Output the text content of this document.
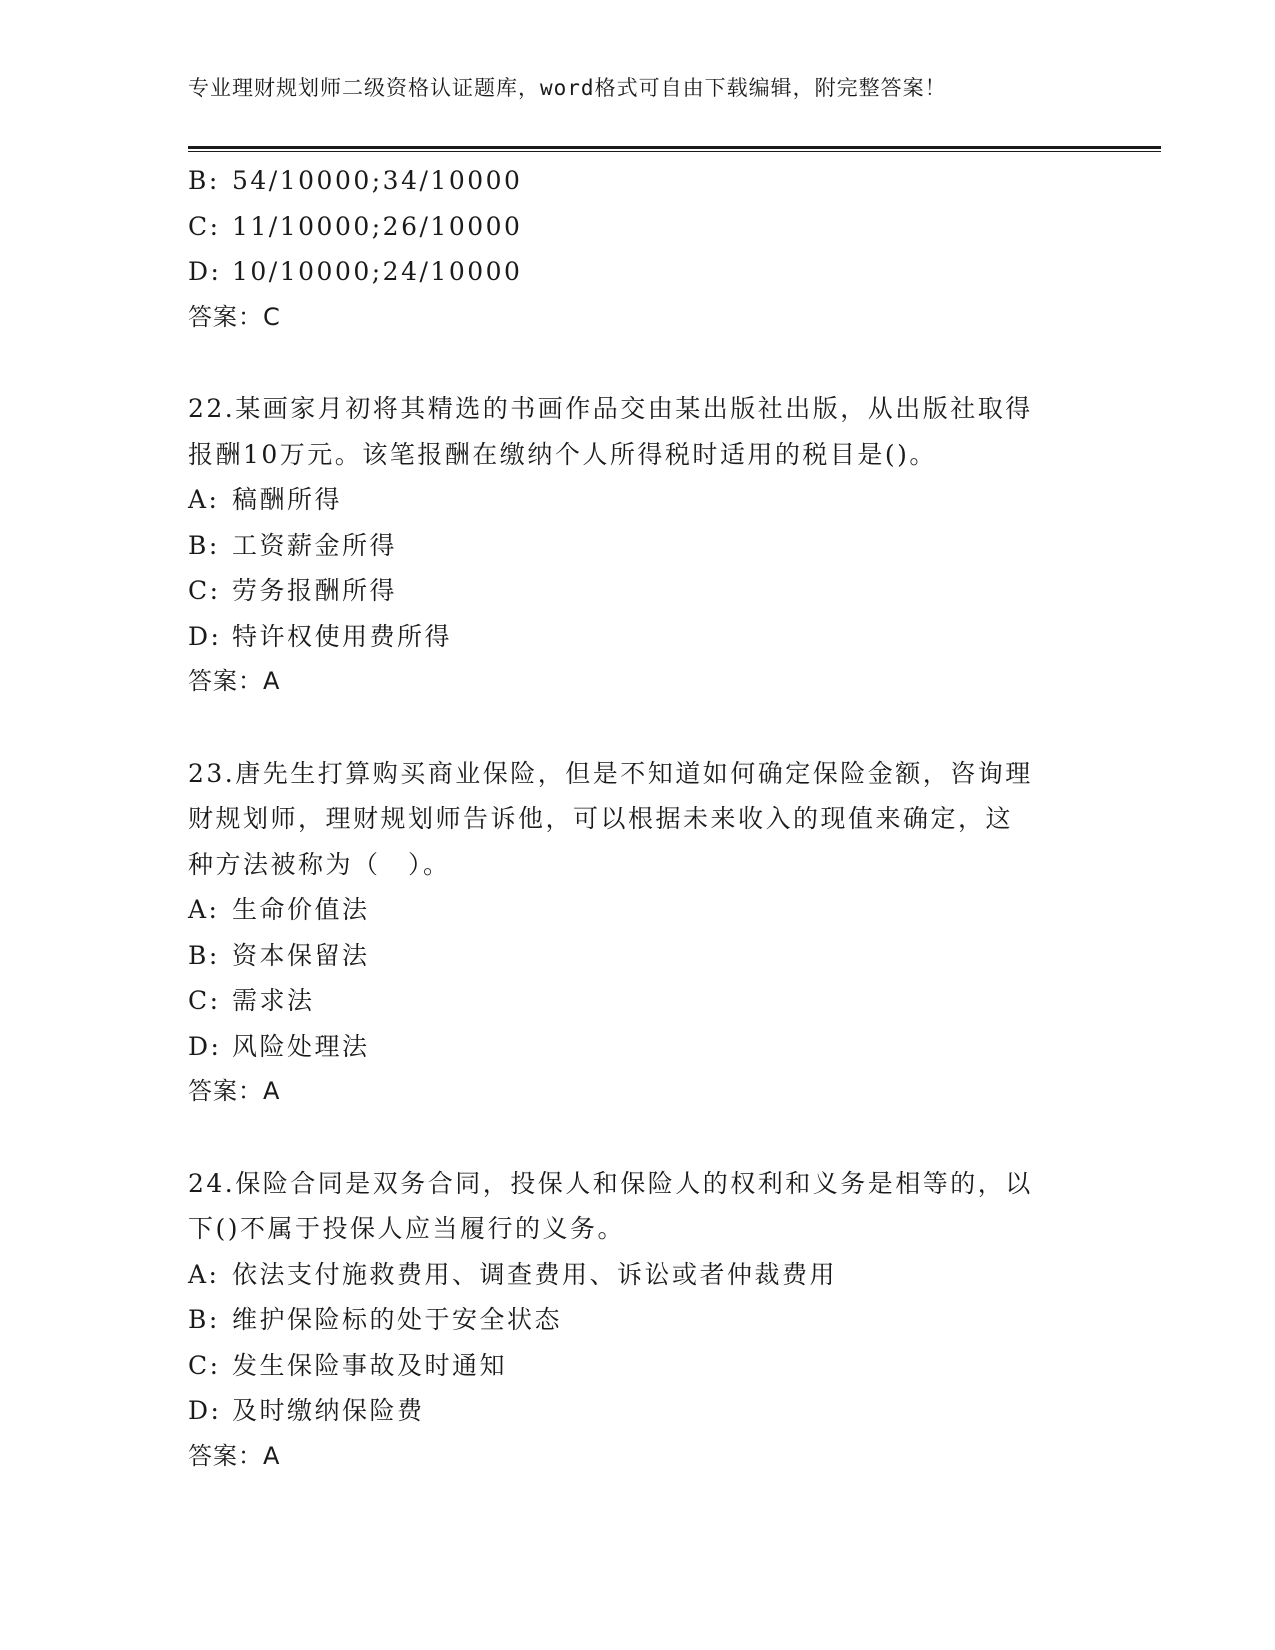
专业理财规划师二级资格认证题库，word格式可自由下载编辑，附完整答案！
B: 54/10000;34/10000
C: 11/10000;26/10000
D: 10/10000;24/10000
答案：C
22.某画家月初将其精选的书画作品交由某出版社出版，从出版社取得
报酬10万元。该笔报酬在缴纳个人所得税时适用的税目是()。
A: 稿酬所得
B: 工资薪金所得
C: 劳务报酬所得
D: 特许权使用费所得
答案：A
23.唐先生打算购买商业保险，但是不知道如何确定保险金额，咨询理
财规划师，理财规划师告诉他，可以根据未来收入的现值来确定，这
种方法被称为（　）。
A: 生命价值法
B: 资本保留法
C: 需求法
D: 风险处理法
答案：A
24.保险合同是双务合同，投保人和保险人的权利和义务是相等的，以
下()不属于投保人应当履行的义务。
A: 依法支付施救费用、调查费用、诉讼或者仲裁费用
B: 维护保险标的处于安全状态
C: 发生保险事故及时通知
D: 及时缴纳保险费
答案：A
